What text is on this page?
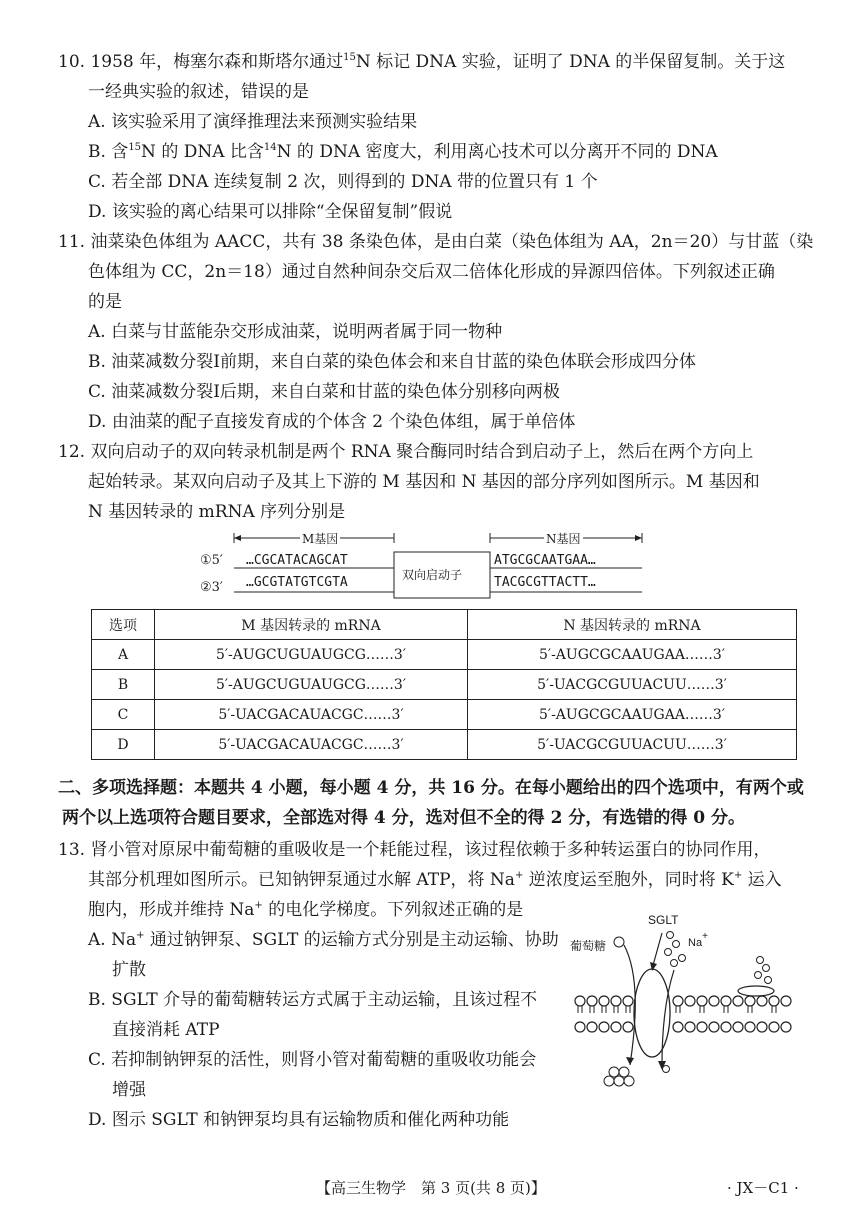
10. 1958 年，梅塞尔森和斯塔尔通过$^{15}$N 标记 DNA 实验，证明了 DNA 的半保留复制。关于这
一经典实验的叙述，错误的是
A. 该实验采用了演绎推理法来预测实验结果
B. 含$^{15}$N 的 DNA 比含$^{14}$N 的 DNA 密度大，利用离心技术可以分离开不同的 DNA
C. 若全部 DNA 连续复制 2 次，则得到的 DNA 带的位置只有 1 个
D. 该实验的离心结果可以排除“全保留复制”假说
11. 油菜染色体组为 AACC，共有 38 条染色体，是由白菜（染色体组为 AA，2n＝20）与甘蓝（染
色体组为 CC，2n＝18）通过自然种间杂交后双二倍体化形成的异源四倍体。下列叙述正确
的是
A. 白菜与甘蓝能杂交形成油菜，说明两者属于同一物种
B. 油菜减数分裂Ⅰ前期，来自白菜的染色体会和来自甘蓝的染色体联会形成四分体
C. 油菜减数分裂Ⅰ后期，来自白菜和甘蓝的染色体分别移向两极
D. 由油菜的配子直接发育成的个体含 2 个染色体组，属于单倍体
12. 双向启动子的双向转录机制是两个 RNA 聚合酶同时结合到启动子上，然后在两个方向上
起始转录。某双向启动子及其上下游的 M 基因和 N 基因的部分序列如图所示。M 基因和
N 基因转录的 mRNA 序列分别是
M基因	N基因
①5′
②3′
…CGCATACAGCAT
…GCGTATGTCGTA	双向启动子
ATGCGCAATGAA…
TACGCGTTACTT…
选项	M 基因转录的 mRNA	N 基因转录的 mRNA
A	5′-AUGCUGUAUGCG……3′	5′-AUGCGCAAUGAA……3′
B	5′-AUGCUGUAUGCG……3′	5′-UACGCGUUACUU……3′
C	5′-UACGACAUACGC……3′	5′-AUGCGCAAUGAA……3′
D	5′-UACGACAUACGC……3′	5′-UACGCGUUACUU……3′
二、多项选择题：本题共 4 小题，每小题 4 分，共 16 分。在每小题给出的四个选项中，有两个或
两个以上选项符合题目要求，全部选对得 4 分，选对但不全的得 2 分，有选错的得 0 分。
13. 肾小管对原尿中葡萄糖的重吸收是一个耗能过程，该过程依赖于多种转运蛋白的协同作用，
其部分机理如图所示。已知钠钾泵通过水解 ATP，将 Na+ 逆浓度运至胞外，同时将 K+ 运入
胞内，形成并维持 Na+ 的电化学梯度。下列叙述正确的是
A. Na+ 通过钠钾泵、SGLT 的运输方式分别是主动运输、协助
扩散
B. SGLT 介导的葡萄糖转运方式属于主动运输，且该过程不
直接消耗 ATP
C. 若抑制钠钾泵的活性，则肾小管对葡萄糖的重吸收功能会
增强
D. 图示 SGLT 和钠钾泵均具有运输物质和催化两种功能
SGLT
葡萄糖	Na+
【高三生物学　第 3 页(共 8 页)】	· JX－C1 ·
